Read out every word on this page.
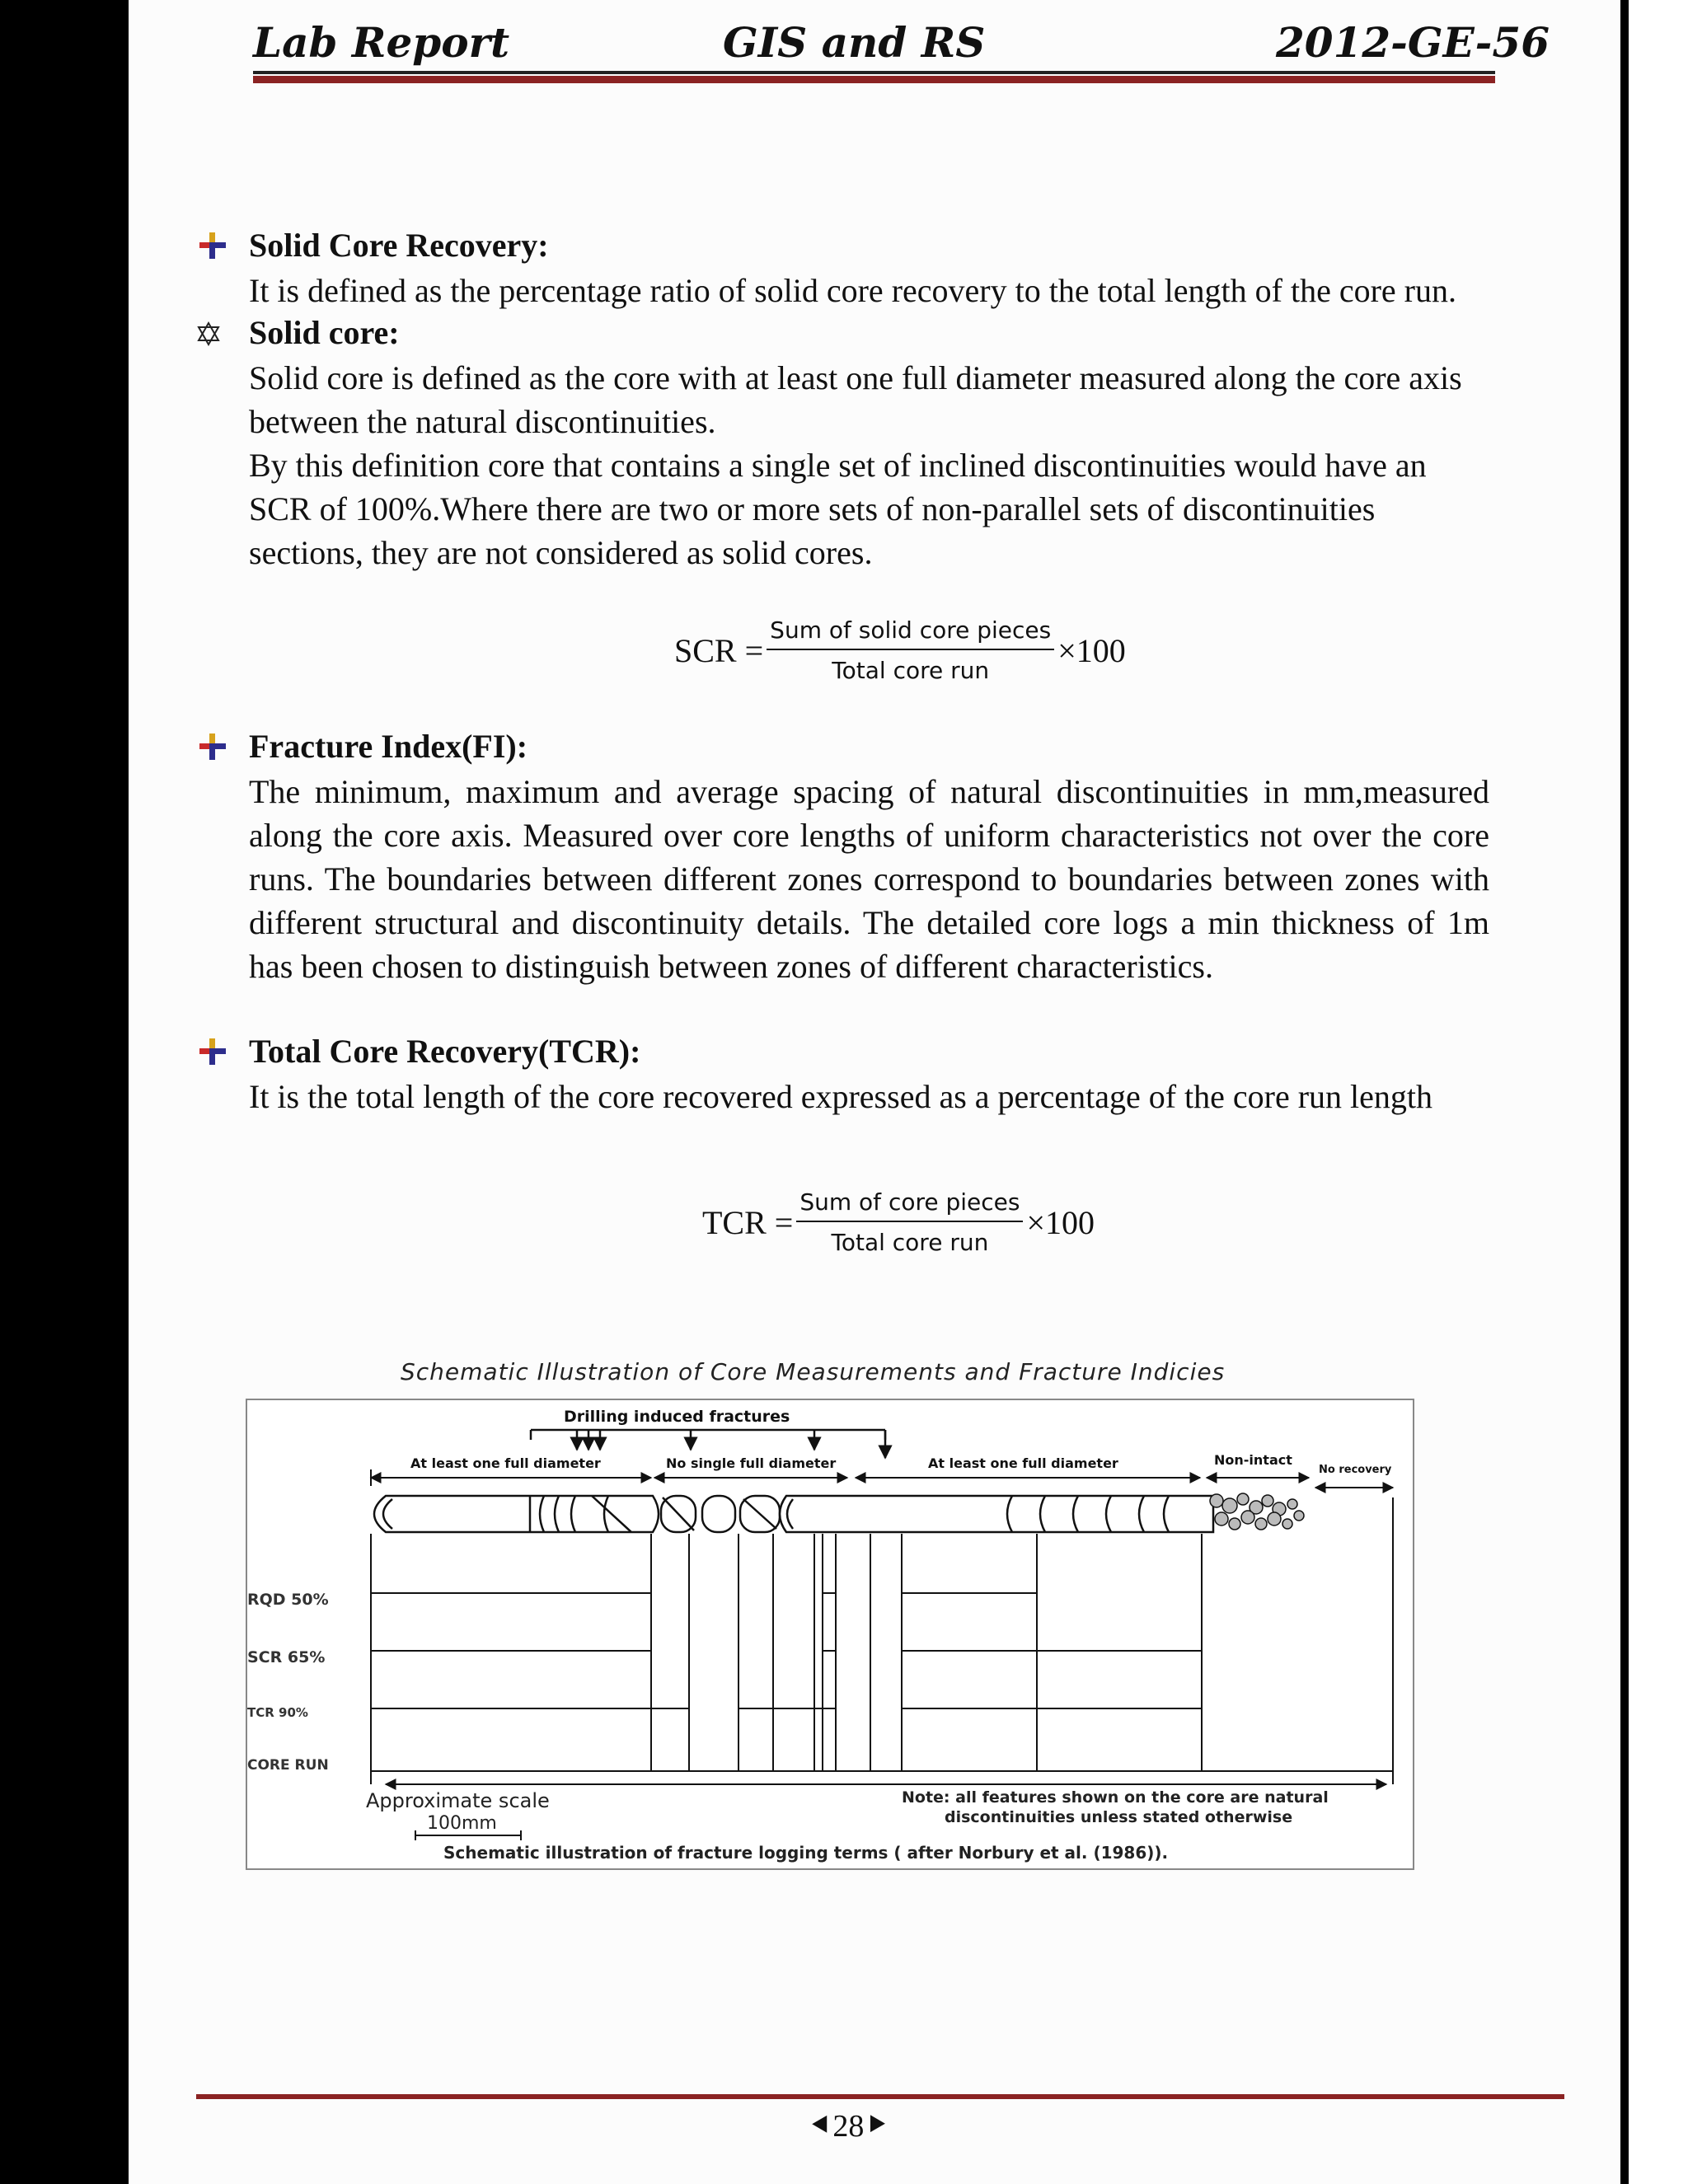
Lab Report	GIS and RS	2012-GE-56
Solid Core Recovery:
It is defined as the percentage ratio of solid core recovery to the total length of the core run.
Solid core:
Solid core is defined as the core with at least one full diameter measured along the core axis
between the natural discontinuities.
By this definition core that contains a single set of inclined discontinuities would have an
SCR of 100%.Where there are two or more sets of non-parallel sets of discontinuities
sections, they are not considered as solid cores.
SCR = $\frac{\text{Sum of solid core pieces}}{\text{Total core run}} \times 100$
Fracture Index(FI):
The minimum, maximum and average spacing of natural discontinuities in mm,measured
along the core axis. Measured over core lengths of uniform characteristics not over the core
runs. The boundaries between different zones correspond to boundaries between zones with
different structural and discontinuity details. The detailed core logs a min thickness of 1m
has been chosen to distinguish between zones of different characteristics.
Total Core Recovery(TCR):
It is the total length of the core recovered expressed as a percentage of the core run length
TCR = $\frac{\text{Sum of core pieces}}{\text{Total core run}} \times 100$
Schematic Illustration of Core Measurements and Fracture Indicies
Drilling induced fractures
At least one full diameter	No single full diameter	At least one full diameter	Non-intact
No recovery
RQD 50%
SCR 65%
TCR 90%
CORE RUN
Approximate scale
100mm
Note: all features shown on the core are natural
discontinuities unless stated otherwise
Schematic illustration of fracture logging terms ( after Norbury et al. (1986)).
⯇28⯈
